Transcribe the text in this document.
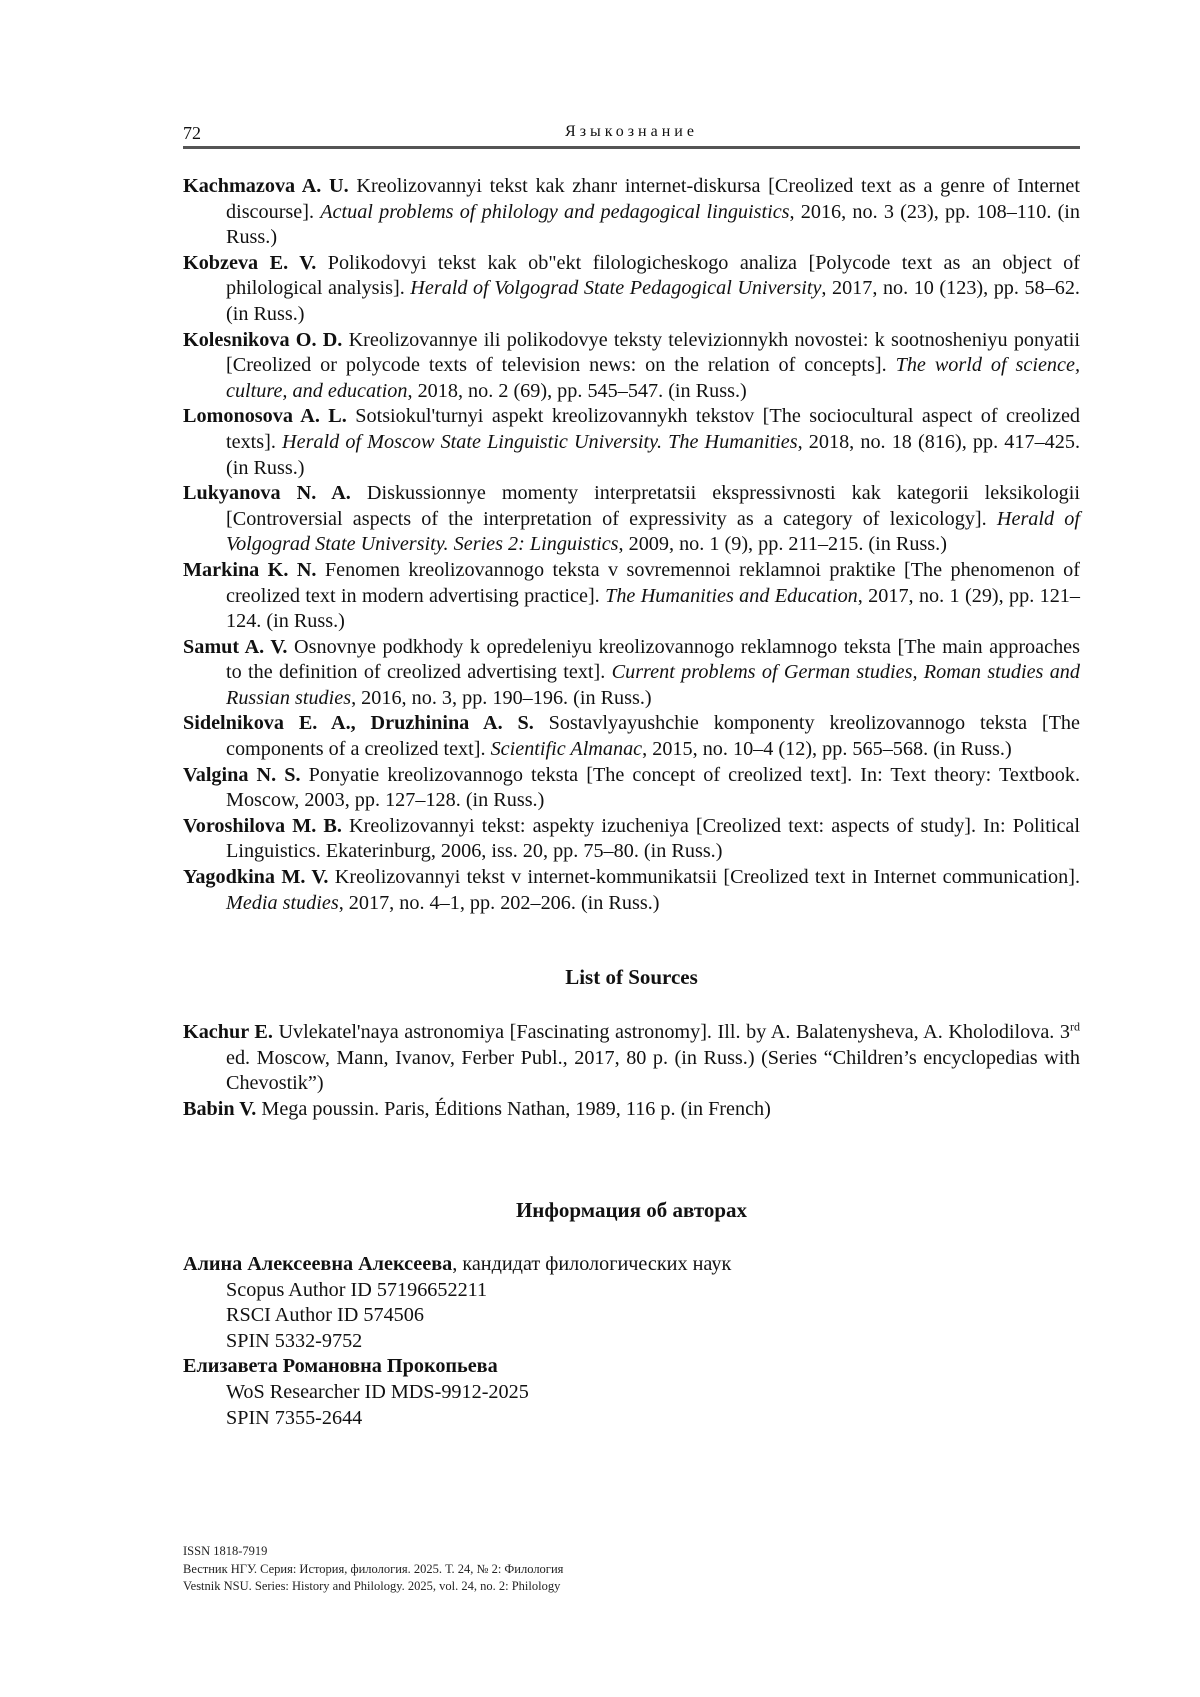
72	Языкознание

Kachmazova A. U. Kreolizovannyi tekst kak zhanr internet-diskursa [Creolized text as a genre of Internet discourse]. Actual problems of philology and pedagogical linguistics, 2016, no. 3 (23), pp. 108–110. (in Russ.)

Kobzeva E. V. Polikodovyi tekst kak ob"ekt filologicheskogo analiza [Polycode text as an object of philological analysis]. Herald of Volgograd State Pedagogical University, 2017, no. 10 (123), pp. 58–62. (in Russ.)

Kolesnikova O. D. Kreolizovannye ili polikodovye teksty televizionnykh novostei: k sootnosheniyu ponyatii [Creolized or polycode texts of television news: on the relation of concepts]. The world of science, culture, and education, 2018, no. 2 (69), pp. 545–547. (in Russ.)

Lomonosova A. L. Sotsiokul'turnyi aspekt kreolizovannykh tekstov [The sociocultural aspect of creolized texts]. Herald of Moscow State Linguistic University. The Humanities, 2018, no. 18 (816), pp. 417–425. (in Russ.)

Lukyanova N. A. Diskussionnye momenty interpretatsii ekspressivnosti kak kategorii leksikologii [Controversial aspects of the interpretation of expressivity as a category of lexicology]. Herald of Volgograd State University. Series 2: Linguistics, 2009, no. 1 (9), pp. 211–215. (in Russ.)

Markina K. N. Fenomen kreolizovannogo teksta v sovremennoi reklamnoi praktike [The phenomenon of creolized text in modern advertising practice]. The Humanities and Education, 2017, no. 1 (29), pp. 121–124. (in Russ.)

Samut A. V. Osnovnye podkhody k opredeleniyu kreolizovannogo reklamnogo teksta [The main approaches to the definition of creolized advertising text]. Current problems of German studies, Roman studies and Russian studies, 2016, no. 3, pp. 190–196. (in Russ.)

Sidelnikova E. A., Druzhinina A. S. Sostavlyayushchie komponenty kreolizovannogo teksta [The components of a creolized text]. Scientific Almanac, 2015, no. 10–4 (12), pp. 565–568. (in Russ.)

Valgina N. S. Ponyatie kreolizovannogo teksta [The concept of creolized text]. In: Text theory: Textbook. Moscow, 2003, pp. 127–128. (in Russ.)

Voroshilova M. B. Kreolizovannyi tekst: aspekty izucheniya [Creolized text: aspects of study]. In: Political Linguistics. Ekaterinburg, 2006, iss. 20, pp. 75–80. (in Russ.)

Yagodkina M. V. Kreolizovannyi tekst v internet-kommunikatsii [Creolized text in Internet communication]. Media studies, 2017, no. 4–1, pp. 202–206. (in Russ.)

List of Sources

Kachur E. Uvlekatel'naya astronomiya [Fascinating astronomy]. Ill. by A. Balatenysheva, A. Kholodilova. 3rd ed. Moscow, Mann, Ivanov, Ferber Publ., 2017, 80 p. (in Russ.) (Series “Children’s encyclopedias with Chevostik”)

Babin V. Mega poussin. Paris, Éditions Nathan, 1989, 116 p. (in French)

Информация об авторах

Алина Алексеевна Алексеева, кандидат филологических наук

Scopus Author ID 57196652211

RSCI Author ID 574506

SPIN 5332-9752

Елизавета Романовна Прокопьева

WoS Researcher ID MDS-9912-2025

SPIN 7355-2644

ISSN 1818-7919
Вестник НГУ. Серия: История, филология. 2025. Т. 24, № 2: Филология
Vestnik NSU. Series: History and Philology. 2025, vol. 24, no. 2: Philology
